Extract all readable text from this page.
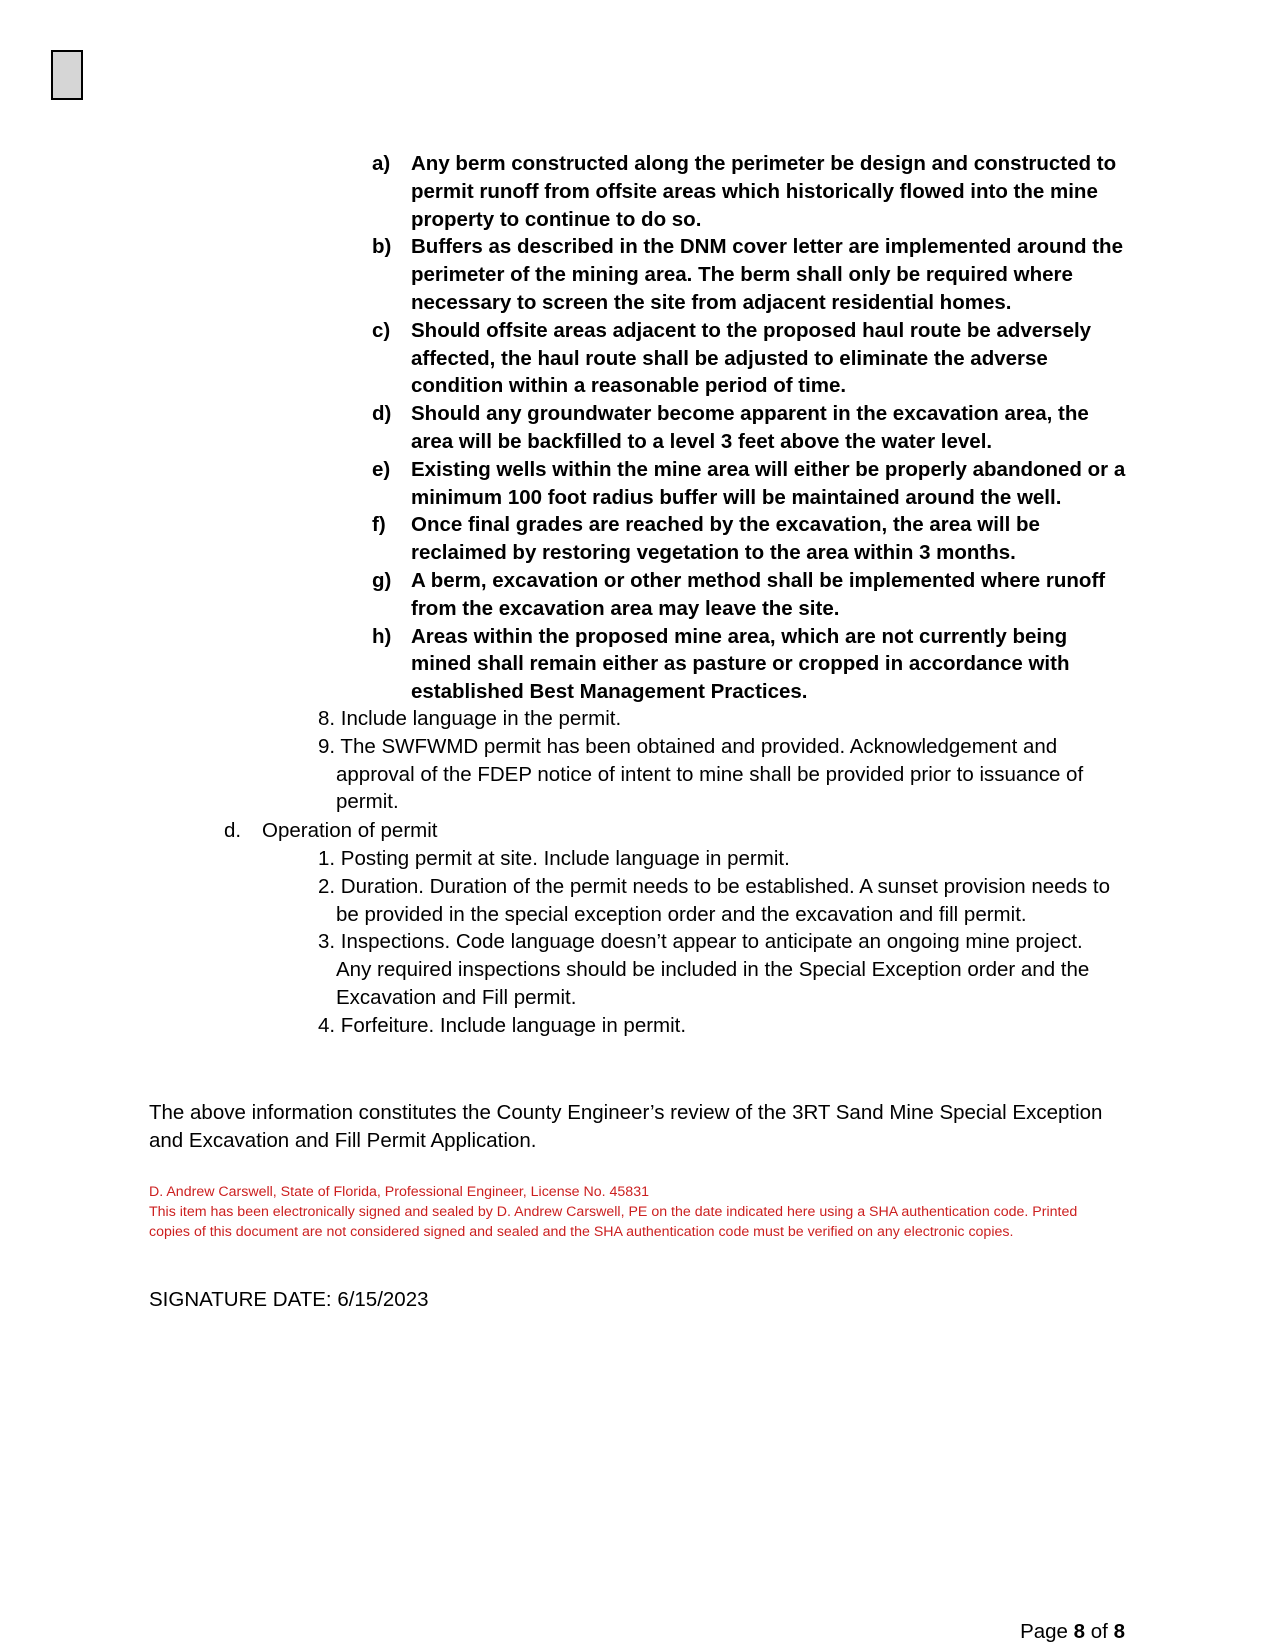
a)	Any berm constructed along the perimeter be design and constructed to permit runoff from offsite areas which historically flowed into the mine property to continue to do so.
b) Buffers as described in the DNM cover letter are implemented around the perimeter of the mining area. The berm shall only be required where necessary to screen the site from adjacent residential homes.
c)	Should offsite areas adjacent to the proposed haul route be adversely affected, the haul route shall be adjusted to eliminate the adverse condition within a reasonable period of time.
d) Should any groundwater become apparent in the excavation area, the area will be backfilled to a level 3 feet above the water level.
e)	Existing wells within the mine area will either be properly abandoned or a minimum 100 foot radius buffer will be maintained around the well.
f)	Once final grades are reached by the excavation, the area will be reclaimed by restoring vegetation to the area within 3 months.
g) A berm, excavation or other method shall be implemented where runoff from the excavation area may leave the site.
h) Areas within the proposed mine area, which are not currently being mined shall remain either as pasture or cropped in accordance with established Best Management Practices.
8. Include language in the permit.
9. The SWFWMD permit has been obtained and provided. Acknowledgement and approval of the FDEP notice of intent to mine shall be provided prior to issuance of permit.
d.	Operation of permit
1. Posting permit at site. Include language in permit.
2. Duration. Duration of the permit needs to be established. A sunset provision needs to be provided in the special exception order and the excavation and fill permit.
3. Inspections. Code language doesn’t appear to anticipate an ongoing mine project. Any required inspections should be included in the Special Exception order and the Excavation and Fill permit.
4. Forfeiture. Include language in permit.
The above information constitutes the County Engineer’s review of the 3RT Sand Mine Special Exception and Excavation and Fill Permit Application.
D. Andrew Carswell, State of Florida, Professional Engineer, License No. 45831
This item has been electronically signed and sealed by D. Andrew Carswell, PE on the date indicated here using a SHA authentication code. Printed copies of this document are not considered signed and sealed and the SHA authentication code must be verified on any electronic copies.
SIGNATURE DATE: 6/15/2023
Page 8 of 8
